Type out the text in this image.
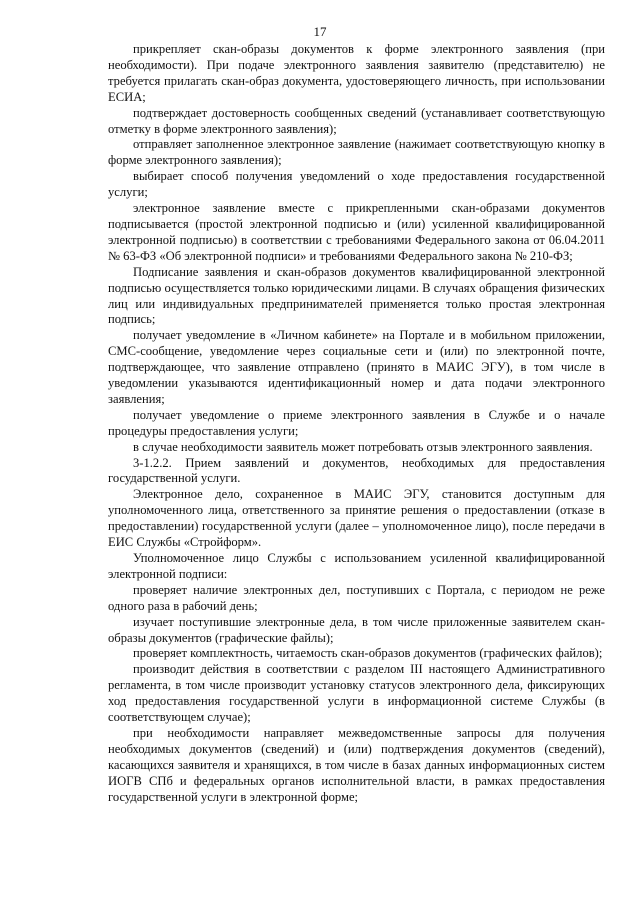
17

прикрепляет скан-образы документов к форме электронного заявления (при необходимости). При подаче электронного заявления заявителю (представителю) не требуется прилагать скан-образ документа, удостоверяющего личность, при использовании ЕСИА;

подтверждает достоверность сообщенных сведений (устанавливает соответствующую отметку в форме электронного заявления);

отправляет заполненное электронное заявление (нажимает соответствующую кнопку в форме электронного заявления);

выбирает способ получения уведомлений о ходе предоставления государственной услуги;

электронное заявление вместе с прикрепленными скан-образами документов подписывается (простой электронной подписью и (или) усиленной квалифицированной электронной подписью) в соответствии с требованиями Федерального закона от 06.04.2011 № 63-ФЗ «Об электронной подписи» и требованиями Федерального закона № 210-ФЗ;

Подписание заявления и скан-образов документов квалифицированной электронной подписью осуществляется только юридическими лицами. В случаях обращения физических лиц или индивидуальных предпринимателей применяется только простая электронная подпись;

получает уведомление в «Личном кабинете» на Портале и в мобильном приложении, СМС-сообщение, уведомление через социальные сети и (или) по электронной почте, подтверждающее, что заявление отправлено (принято в МАИС ЭГУ), в том числе в уведомлении указываются идентификационный номер и дата подачи электронного заявления;

получает уведомление о приеме электронного заявления в Службе и о начале процедуры предоставления услуги;

в случае необходимости заявитель может потребовать отзыв электронного заявления.

3-1.2.2. Прием заявлений и документов, необходимых для предоставления государственной услуги.

Электронное дело, сохраненное в МАИС ЭГУ, становится доступным для уполномоченного лица, ответственного за принятие решения о предоставлении (отказе в предоставлении) государственной услуги (далее – уполномоченное лицо), после передачи в ЕИС Службы «Стройформ».

Уполномоченное лицо Службы с использованием усиленной квалифицированной электронной подписи:

проверяет наличие электронных дел, поступивших с Портала, с периодом не реже одного раза в рабочий день;

изучает поступившие электронные дела, в том числе приложенные заявителем скан-образы документов (графические файлы);

проверяет комплектность, читаемость скан-образов документов (графических файлов);

производит действия в соответствии с разделом III настоящего Административного регламента, в том числе производит установку статусов электронного дела, фиксирующих ход предоставления государственной услуги в информационной системе Службы (в соответствующем случае);

при необходимости направляет межведомственные запросы для получения необходимых документов (сведений) и (или) подтверждения документов (сведений), касающихся заявителя и хранящихся, в том числе в базах данных информационных систем ИОГВ СПб и федеральных органов исполнительной власти, в рамках предоставления государственной услуги в электронной форме;
